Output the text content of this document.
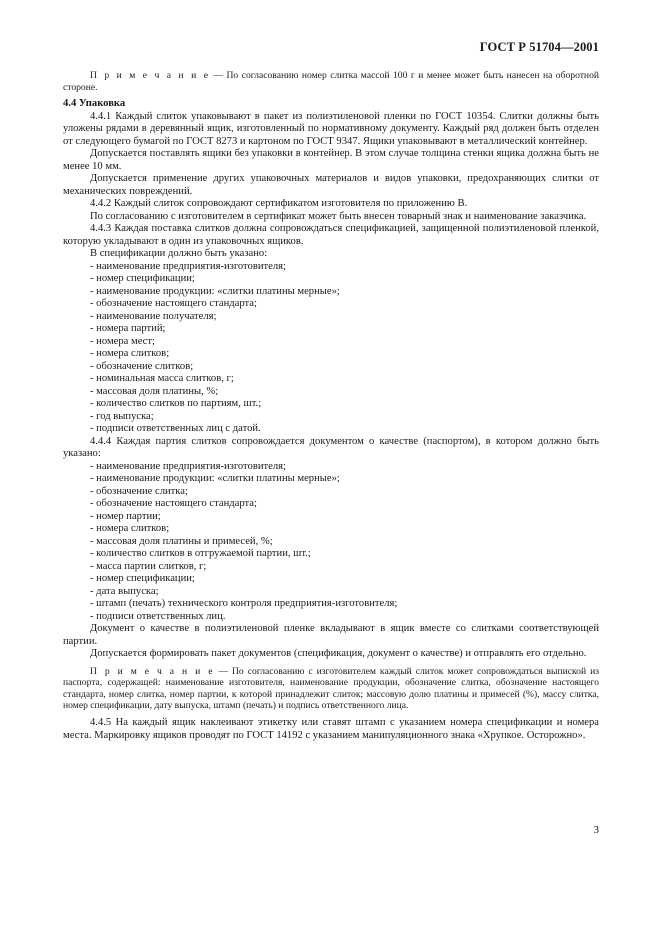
ГОСТ Р 51704—2001

П р и м е ч а н и е — По согласованию номер слитка массой 100 г и менее может быть нанесен на оборотной стороне.

4.4 Упаковка

4.4.1 Каждый слиток упаковывают в пакет из полиэтиленовой пленки по ГОСТ 10354. Слитки должны быть уложены рядами в деревянный ящик, изготовленный по нормативному документу. Каждый ряд должен быть отделен от следующего бумагой по ГОСТ 8273 и картоном по ГОСТ 9347. Ящики упаковывают в металлический контейнер.

Допускается поставлять ящики без упаковки в контейнер. В этом случае толщина стенки ящика должна быть не менее 10 мм.

Допускается применение других упаковочных материалов и видов упаковки, предохраняющих слитки от механических повреждений.

4.4.2 Каждый слиток сопровождают сертификатом изготовителя по приложению В.

По согласованию с изготовителем в сертификат может быть внесен товарный знак и наименование заказчика.

4.4.3 Каждая поставка слитков должна сопровождаться спецификацией, защищенной полиэтиленовой пленкой, которую укладывают в один из упаковочных ящиков.

В спецификации должно быть указано:

- наименование предприятия-изготовителя;
- номер спецификации;
- наименование продукции: «слитки платины мерные»;
- обозначение настоящего стандарта;
- наименование получателя;
- номера партий;
- номера мест;
- номера слитков;
- обозначение слитков;
- номинальная масса слитков, г;
- массовая доля платины, %;
- количество слитков по партиям, шт.;
- год выпуска;
- подписи ответственных лиц с датой.

4.4.4 Каждая партия слитков сопровождается документом о качестве (паспортом), в котором должно быть указано:

- наименование предприятия-изготовителя;
- наименование продукции: «слитки платины мерные»;
- обозначение слитка;
- обозначение настоящего стандарта;
- номер партии;
- номера слитков;
- массовая доля платины и примесей, %;
- количество слитков в отгружаемой партии, шт.;
- масса партии слитков, г;
- номер спецификации;
- дата выпуска;
- штамп (печать) технического контроля предприятия-изготовителя;
- подписи ответственных лиц.

Документ о качестве в полиэтиленовой пленке вкладывают в ящик вместе со слитками соответствующей партии.

Допускается формировать пакет документов (спецификация, документ о качестве) и отправлять его отдельно.

П р и м е ч а н и е — По согласованию с изготовителем каждый слиток может сопровождаться выпиской из паспорта, содержащей: наименование изготовителя, наименование продукции, обозначение слитка, обозначение настоящего стандарта, номер слитка, номер партии, к которой принадлежит слиток; массовую долю платины и примесей (%), массу слитка, номер спецификации, дату выпуска, штамп (печать) и подпись ответственного лица.

4.4.5 На каждый ящик наклеивают этикетку или ставят штамп с указанием номера спецификации и номера места. Маркировку ящиков проводят по ГОСТ 14192 с указанием манипуляционного знака «Хрупкое. Осторожно».

3
